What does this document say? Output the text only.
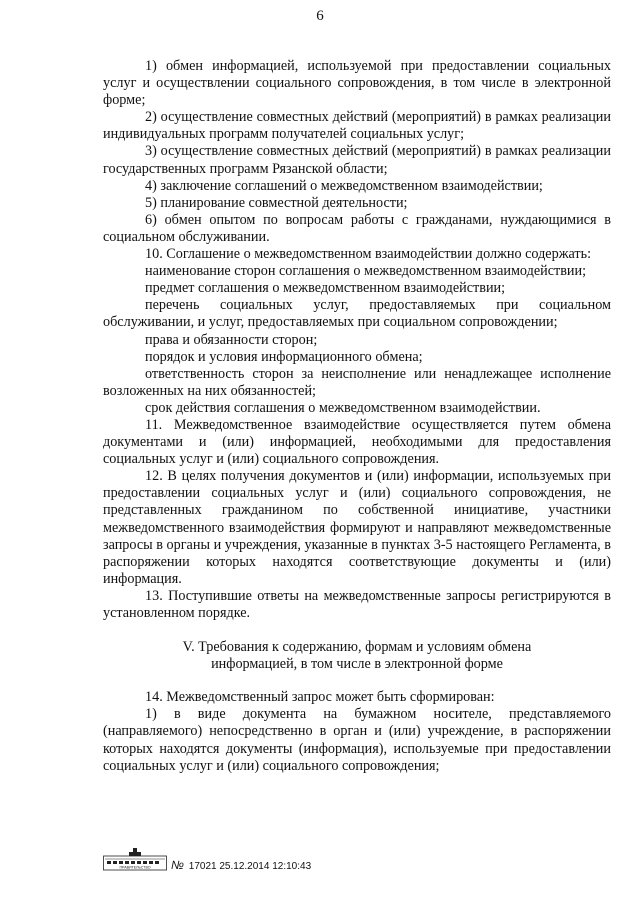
6

1) обмен информацией, используемой при предоставлении социальных услуг и осуществлении социального сопровождения, в том числе в электронной форме;

2) осуществление совместных действий (мероприятий) в рамках реализации индивидуальных программ получателей социальных услуг;

3) осуществление совместных действий (мероприятий) в рамках реализации государственных программ Рязанской области;

4) заключение соглашений о межведомственном взаимодействии;

5) планирование совместной деятельности;

6) обмен опытом по вопросам работы с гражданами, нуждающимися в социальном обслуживании.

10. Соглашение о межведомственном взаимодействии должно содержать:

наименование сторон соглашения о межведомственном взаимодействии;

предмет соглашения о межведомственном взаимодействии;

перечень социальных услуг, предоставляемых при социальном обслуживании, и услуг, предоставляемых при социальном сопровождении;

права и обязанности сторон;

порядок и условия информационного обмена;

ответственность сторон за неисполнение или ненадлежащее исполнение возложенных на них обязанностей;

срок действия соглашения о межведомственном взаимодействии.

11. Межведомственное взаимодействие осуществляется путем обмена документами и (или) информацией, необходимыми для предоставления социальных услуг и (или) социального сопровождения.

12. В целях получения документов и (или) информации, используемых при предоставлении социальных услуг и (или) социального сопровождения, не представленных гражданином по собственной инициативе, участники межведомственного взаимодействия формируют и направляют межведомственные запросы в органы и учреждения, указанные в пунктах 3-5 настоящего Регламента, в распоряжении которых находятся соответствующие документы и (или) информация.

13. Поступившие ответы на межведомственные запросы регистрируются в установленном порядке.

V. Требования к содержанию, формам и условиям обмена
информацией, в том числе в электронной форме

14. Межведомственный запрос может быть сформирован:

1) в виде документа на бумажном носителе, представляемого (направляемого) непосредственно в орган и (или) учреждение, в распоряжении которых находятся документы (информация), используемые при предоставлении социальных услуг и (или) социального сопровождения;

ПРАВИТЕЛЬСТВО № 17021 25.12.2014 12:10:43
